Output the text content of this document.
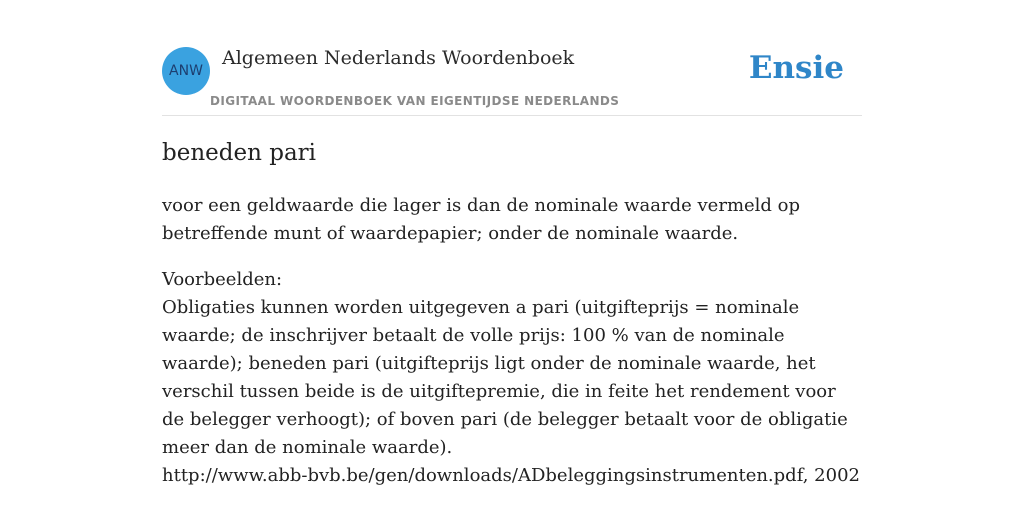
ANW
Algemeen Nederlands Woordenboek
DIGITAAL WOORDENBOEK VAN EIGENTIJDSE NEDERLANDS
Ensie
beneden pari

voor een geldwaarde die lager is dan de nominale waarde vermeld op betreffende munt of waardepapier; onder de nominale waarde.

Voorbeelden:

Obligaties kunnen worden uitgegeven a pari (uitgifteprijs = nominale waarde; de inschrijver betaalt de volle prijs: 100 % van de nominale waarde); beneden pari (uitgifteprijs ligt onder de nominale waarde, het verschil tussen beide is de uitgiftepremie, die in feite het rendement voor de belegger verhoogt); of boven pari (de belegger betaalt voor de obligatie meer dan de nominale waarde).
http://www.abb-bvb.be/gen/downloads/ADbeleggingsinstrumenten.pdf, 2002
